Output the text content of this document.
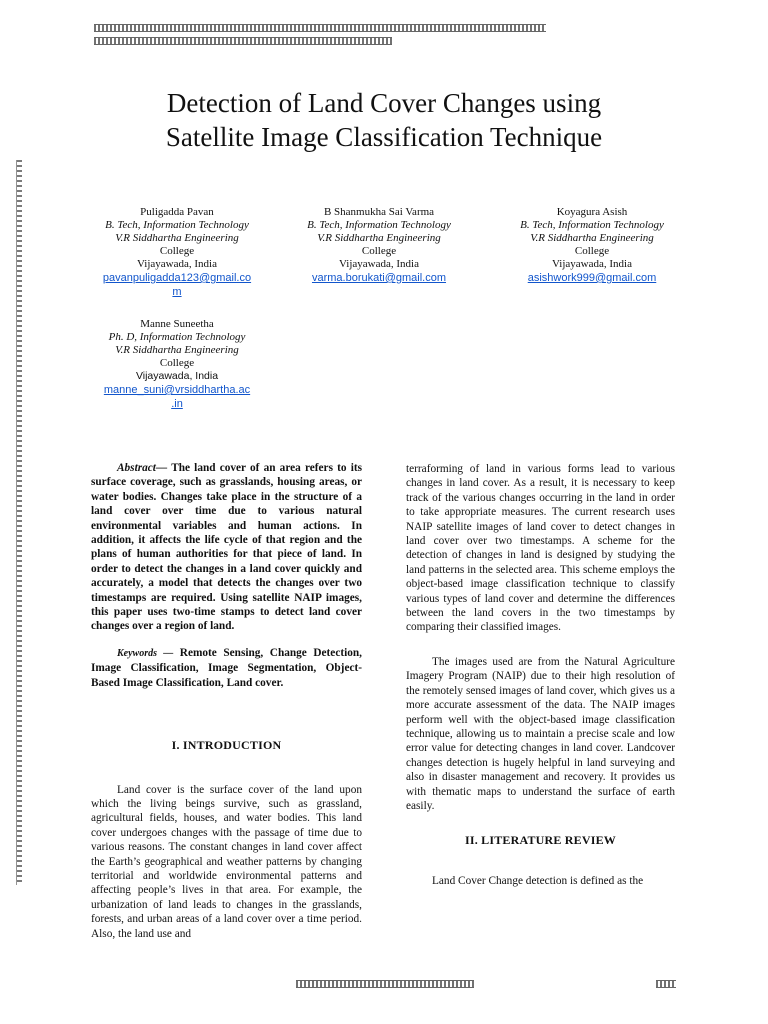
Detection of Land Cover Changes using
Satellite Image Classification Technique
Puligadda Pavan
B. Tech, Information Technology
V.R Siddhartha Engineering
College
Vijayawada, India
pavanpuligadda123@gmail.co
m
B Shanmukha Sai Varma
B. Tech, Information Technology
V.R Siddhartha Engineering
College
Vijayawada, India
varma.borukati@gmail.com
Koyagura Asish
B. Tech, Information Technology
V.R Siddhartha Engineering
College
Vijayawada, India
asishwork999@gmail.com
Manne Suneetha
Ph. D, Information Technology
V.R Siddhartha Engineering
College
Vijayawada, India
manne_suni@vrsiddhartha.ac
.in

Abstract— The land cover of an area refers to its surface coverage, such as grasslands, housing areas, or water bodies. Changes take place in the structure of a land cover over time due to various natural environmental variables and human actions. In addition, it affects the life cycle of that region and the plans of human authorities for that piece of land. In order to detect the changes in a land cover quickly and accurately, a model that detects the changes over two timestamps are required. Using satellite NAIP images, this paper uses two-time stamps to detect land cover changes over a region of land.

Keywords — Remote Sensing, Change Detection, Image Classification, Image Segmentation, Object-Based Image Classification, Land cover.

I. INTRODUCTION

Land cover is the surface cover of the land upon which the living beings survive, such as grassland, agricultural fields, houses, and water bodies. This land cover undergoes changes with the passage of time due to various reasons. The constant changes in land cover affect the Earth’s geographical and weather patterns by changing territorial and worldwide environmental patterns and affecting people’s lives in that area. For example, the urbanization of land leads to changes in the grasslands, forests, and urban areas of a land cover over a time period. Also, the land use and

terraforming of land in various forms lead to various changes in land cover. As a result, it is necessary to keep track of the various changes occurring in the land in order to take appropriate measures. The current research uses NAIP satellite images of land cover to detect changes in land cover over two timestamps. A scheme for the detection of changes in land is designed by studying the land patterns in the selected area. This scheme employs the object-based image classification technique to classify various types of land cover and determine the differences between the land covers in the two timestamps by comparing their classified images.

The images used are from the Natural Agriculture Imagery Program (NAIP) due to their high resolution of the remotely sensed images of land cover, which gives us a more accurate assessment of the data. The NAIP images perform well with the object-based image classification technique, allowing us to maintain a precise scale and low error value for detecting changes in land cover. Landcover changes detection is hugely helpful in land surveying and also in disaster management and recovery. It provides us with thematic maps to understand the surface of earth easily.

II. LITERATURE REVIEW

Land Cover Change detection is defined as the
